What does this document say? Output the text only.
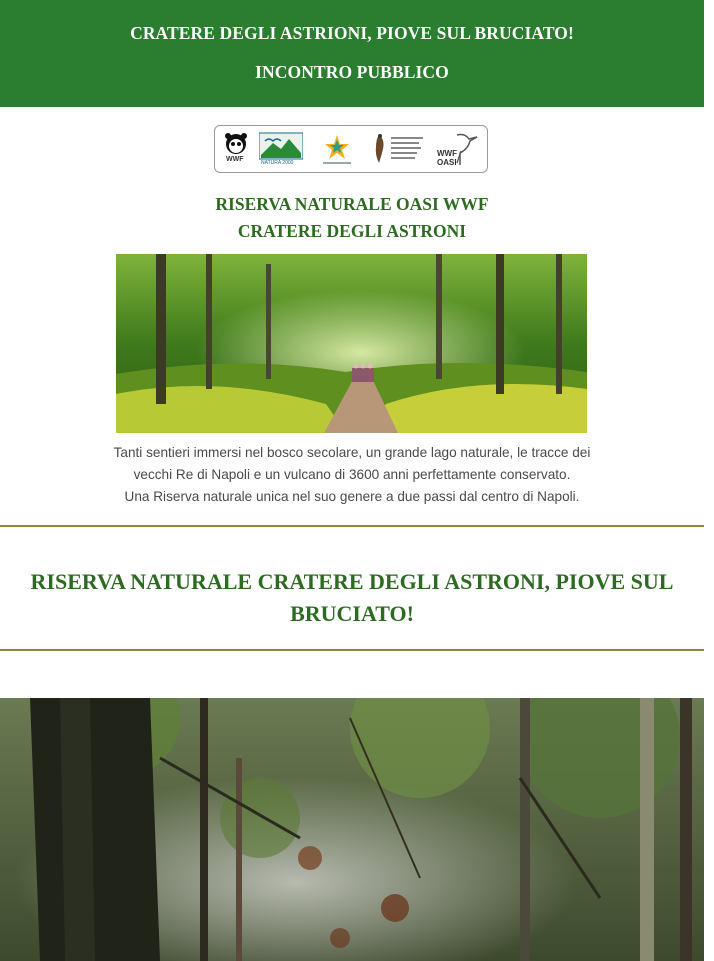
CRATERE DEGLI ASTRIONI, PIOVE SUL BRUCIATO!
INCONTRO PUBBLICO
WWF	NATURA 2000
WWF OASI
RISERVA NATURALE OASI WWF
CRATERE DEGLI ASTRONI
Tanti sentieri immersi nel bosco secolare, un grande lago naturale, le tracce dei
vecchi Re di Napoli e un vulcano di 3600 anni perfettamente conservato.
Una Riserva naturale unica nel suo genere a due passi dal centro di Napoli.
RISERVA NATURALE CRATERE DEGLI ASTRONI, PIOVE SUL BRUCIATO!
